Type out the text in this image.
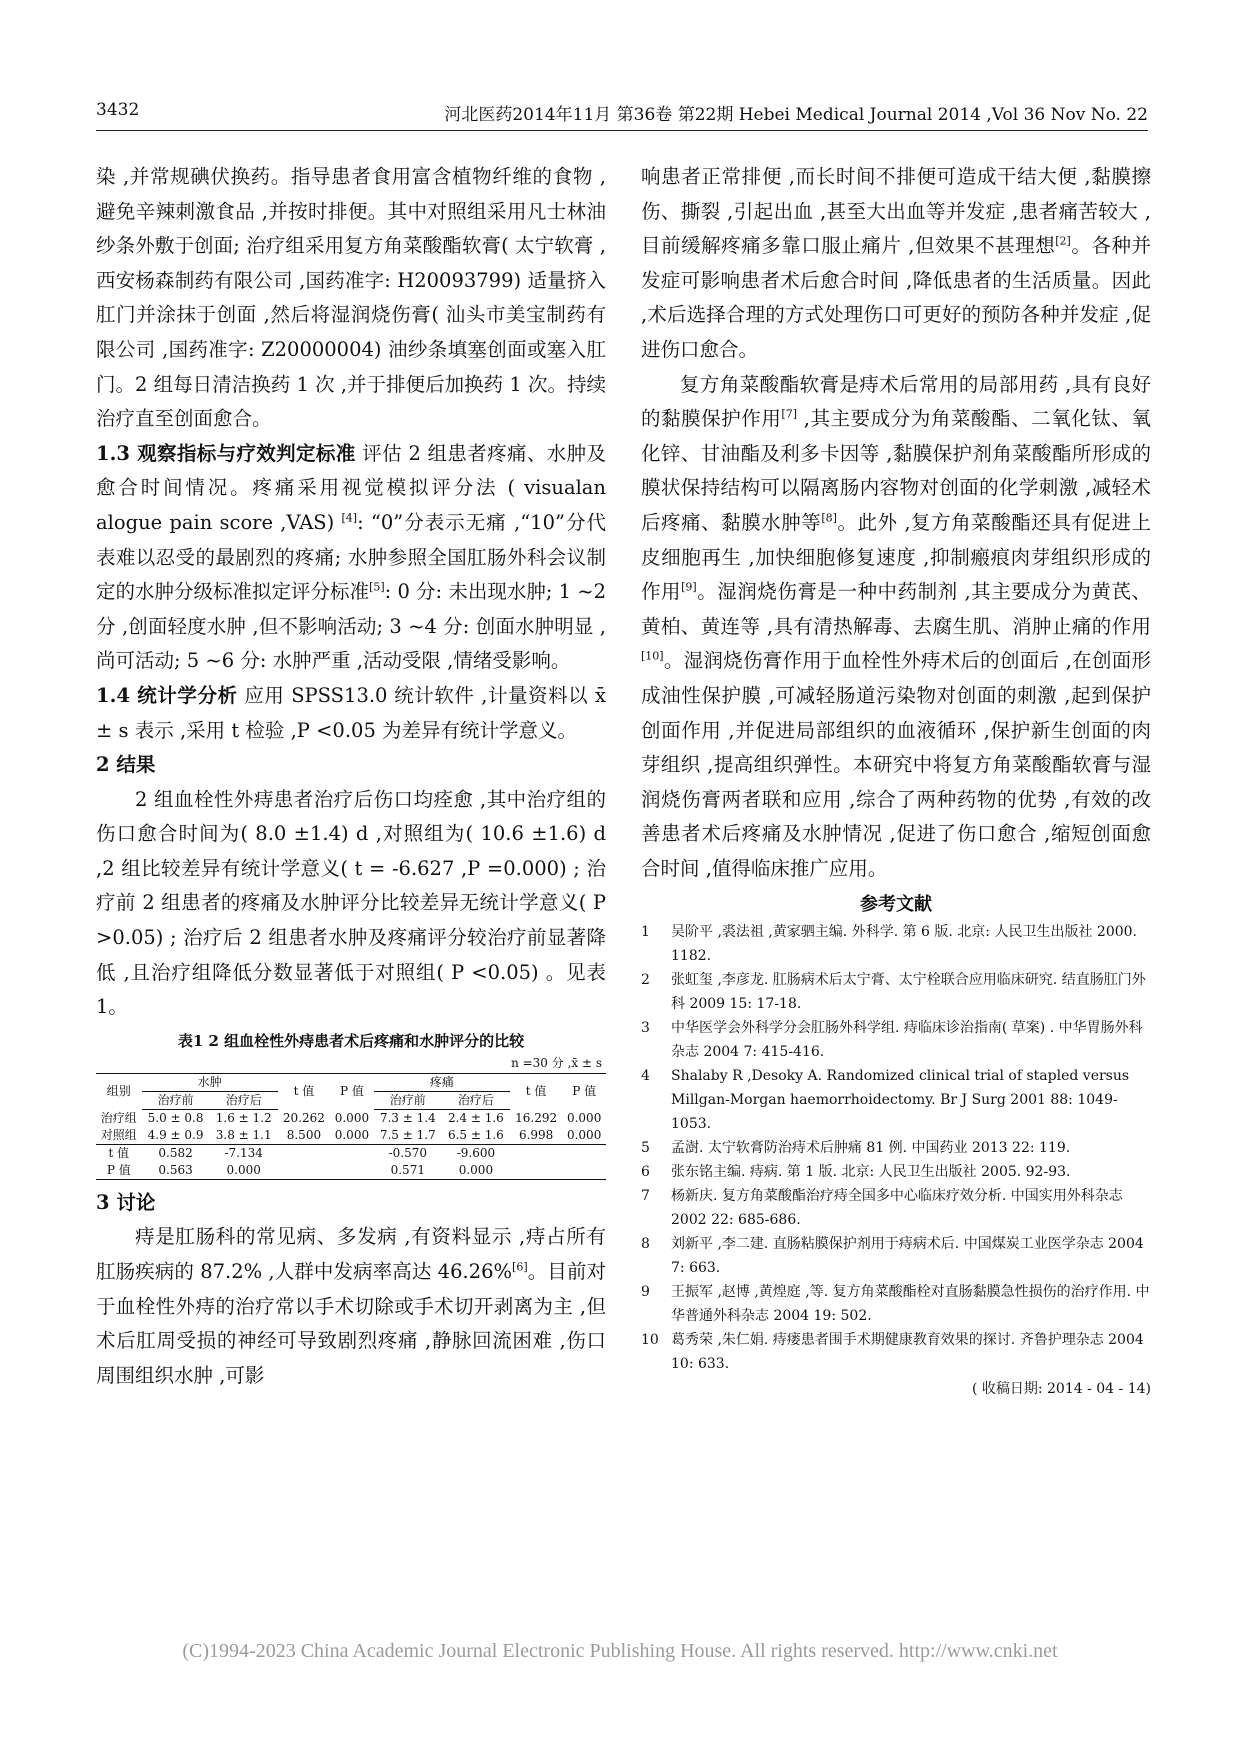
3432	河北医药2014年11月 第36卷 第22期 Hebei Medical Journal 2014 ,Vol 36 Nov No. 22

染 ,并常规碘伏换药。指导患者食用富含植物纤维的食物 ,避免辛辣刺激食品 ,并按时排便。其中对照组采用凡士林油纱条外敷于创面; 治疗组采用复方角菜酸酯软膏( 太宁软膏 ,西安杨森制药有限公司 ,国药准字: H20093799) 适量挤入肛门并涂抹于创面 ,然后将湿润烧伤膏( 汕头市美宝制药有限公司 ,国药准字: Z20000004) 油纱条填塞创面或塞入肛门。2 组每日清洁换药 1 次 ,并于排便后加换药 1 次。持续治疗直至创面愈合。

1.3 观察指标与疗效判定标准 评估 2 组患者疼痛、水肿及愈合时间情况。疼痛采用视觉模拟评分法 ( visualan alogue pain score ,VAS) [4]: “0”分表示无痛 ,“10”分代表难以忍受的最剧烈的疼痛; 水肿参照全国肛肠外科会议制定的水肿分级标准拟定评分标准[5]: 0 分: 未出现水肿; 1 ~2 分 ,创面轻度水肿 ,但不影响活动; 3 ~4 分: 创面水肿明显 ,尚可活动; 5 ~6 分: 水肿严重 ,活动受限 ,情绪受影响。

1.4 统计学分析 应用 SPSS13.0 统计软件 ,计量资料以 x̄ ± s 表示 ,采用 t 检验 ,P <0.05 为差异有统计学意义。

2 结果

2 组血栓性外痔患者治疗后伤口均痊愈 ,其中治疗组的伤口愈合时间为( 8.0 ±1.4) d ,对照组为( 10.6 ±1.6) d ,2 组比较差异有统计学意义( t = -6.627 ,P =0.000) ; 治疗前 2 组患者的疼痛及水肿评分比较差异无统计学意义( P >0.05) ; 治疗后 2 组患者水肿及疼痛评分较治疗前显著降低 ,且治疗组降低分数显著低于对照组( P <0.05) 。见表 1。

表1 2 组血栓性外痔患者术后疼痛和水肿评分的比较
n =30 分 ,x̄ ± s
组别	水肿		t 值	P 值	疼痛		t 值	P 值
	治疗前	治疗后			治疗前	治疗后		
治疗组	5.0 ± 0.8	1.6 ± 1.2	20.262	0.000	7.3 ± 1.4	2.4 ± 1.6	16.292	0.000
对照组	4.9 ± 0.9	3.8 ± 1.1	8.500	0.000	7.5 ± 1.7	6.5 ± 1.6	6.998	0.000
t 值	0.582	-7.134			-0.570	-9.600		
P 值	0.563	0.000			0.571	0.000		

3 讨论

痔是肛肠科的常见病、多发病 ,有资料显示 ,痔占所有肛肠疾病的 87.2% ,人群中发病率高达 46.26%[6]。目前对于血栓性外痔的治疗常以手术切除或手术切开剥离为主 ,但术后肛周受损的神经可导致剧烈疼痛 ,静脉回流困难 ,伤口周围组织水肿 ,可影

响患者正常排便 ,而长时间不排便可造成干结大便 ,黏膜擦伤、撕裂 ,引起出血 ,甚至大出血等并发症 ,患者痛苦较大 ,目前缓解疼痛多靠口服止痛片 ,但效果不甚理想[2]。各种并发症可影响患者术后愈合时间 ,降低患者的生活质量。因此 ,术后选择合理的方式处理伤口可更好的预防各种并发症 ,促进伤口愈合。

复方角菜酸酯软膏是痔术后常用的局部用药 ,具有良好的黏膜保护作用[7] ,其主要成分为角菜酸酯、二氧化钛、氧化锌、甘油酯及利多卡因等 ,黏膜保护剂角菜酸酯所形成的膜状保持结构可以隔离肠内容物对创面的化学刺激 ,减轻术后疼痛、黏膜水肿等[8]。此外 ,复方角菜酸酯还具有促进上皮细胞再生 ,加快细胞修复速度 ,抑制瘢痕肉芽组织形成的作用[9]。湿润烧伤膏是一种中药制剂 ,其主要成分为黄芪、黄柏、黄连等 ,具有清热解毒、去腐生肌、消肿止痛的作用[10]。湿润烧伤膏作用于血栓性外痔术后的创面后 ,在创面形成油性保护膜 ,可减轻肠道污染物对创面的刺激 ,起到保护创面作用 ,并促进局部组织的血液循环 ,保护新生创面的肉芽组织 ,提高组织弹性。本研究中将复方角菜酸酯软膏与湿润烧伤膏两者联和应用 ,综合了两种药物的优势 ,有效的改善患者术后疼痛及水肿情况 ,促进了伤口愈合 ,缩短创面愈合时间 ,值得临床推广应用。

参考文献
1	吴阶平 ,裘法祖 ,黄家驷主编. 外科学. 第 6 版. 北京: 人民卫生出版社 2000. 1182.
2	张虹玺 ,李彦龙. 肛肠病术后太宁膏、太宁栓联合应用临床研究. 结直肠肛门外科 2009 15: 17-18.
3	中华医学会外科学分会肛肠外科学组. 痔临床诊治指南( 草案) . 中华胃肠外科杂志 2004 7: 415-416.
4	Shalaby R ,Desoky A. Randomized clinical trial of stapled versus Millgan-Morgan haemorrhoidectomy. Br J Surg 2001 88: 1049-1053.
5	孟澍. 太宁软膏防治痔术后肿痛 81 例. 中国药业 2013 22: 119.
6	张东铭主编. 痔病. 第 1 版. 北京: 人民卫生出版社 2005. 92-93.
7	杨新庆. 复方角菜酸酯治疗痔全国多中心临床疗效分析. 中国实用外科杂志 2002 22: 685-686.
8	刘新平 ,李二建. 直肠粘膜保护剂用于痔病术后. 中国煤炭工业医学杂志 2004 7: 663.
9	王振军 ,赵博 ,黄煌庭 ,等. 复方角菜酸酯栓对直肠黏膜急性损伤的治疗作用. 中华普通外科杂志 2004 19: 502.
10 葛秀荣 ,朱仁娟. 痔瘘患者围手术期健康教育效果的探讨. 齐鲁护理杂志 2004 10: 633.
( 收稿日期: 2014 - 04 - 14)
(C)1994-2023 China Academic Journal Electronic Publishing House. All rights reserved. http://www.cnki.net
